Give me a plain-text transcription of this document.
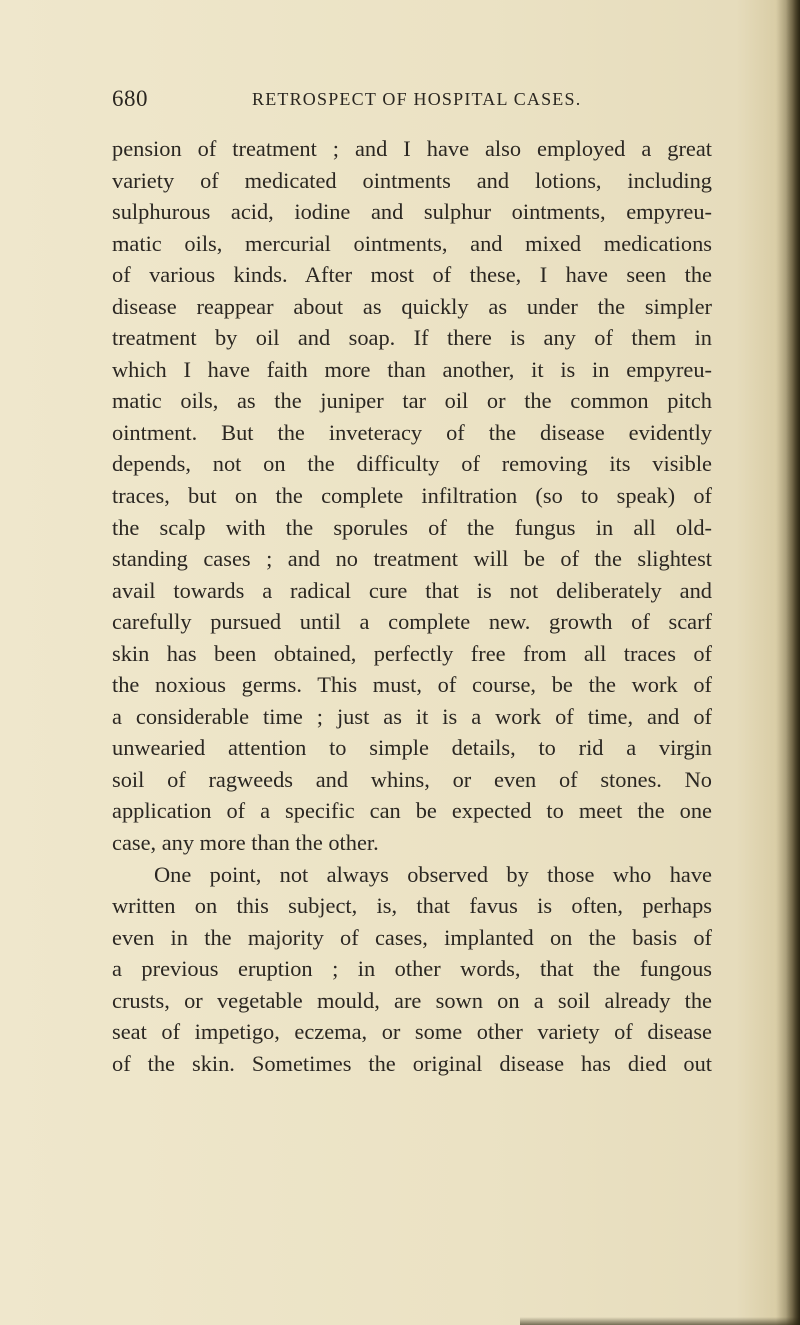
680	RETROSPECT OF HOSPITAL CASES.
pension of treatment ; and I have also employed a great
variety of medicated ointments and lotions, including
sulphurous acid, iodine and sulphur ointments, empyreu-
matic oils, mercurial ointments, and mixed medications
of various kinds. After most of these, I have seen the
disease reappear about as quickly as under the simpler
treatment by oil and soap. If there is any of them in
which I have faith more than another, it is in empyreu-
matic oils, as the juniper tar oil or the common pitch
ointment. But the inveteracy of the disease evidently
depends, not on the difficulty of removing its visible
traces, but on the complete infiltration (so to speak) of
the scalp with the sporules of the fungus in all old-
standing cases ; and no treatment will be of the slightest
avail towards a radical cure that is not deliberately and
carefully pursued until a complete new. growth of scarf
skin has been obtained, perfectly free from all traces of
the noxious germs. This must, of course, be the work of
a considerable time ; just as it is a work of time, and of
unwearied attention to simple details, to rid a virgin
soil of ragweeds and whins, or even of stones. No
application of a specific can be expected to meet the one
case, any more than the other.
One point, not always observed by those who have
written on this subject, is, that favus is often, perhaps
even in the majority of cases, implanted on the basis of
a previous eruption ; in other words, that the fungous
crusts, or vegetable mould, are sown on a soil already the
seat of impetigo, eczema, or some other variety of disease
of the skin. Sometimes the original disease has died out
